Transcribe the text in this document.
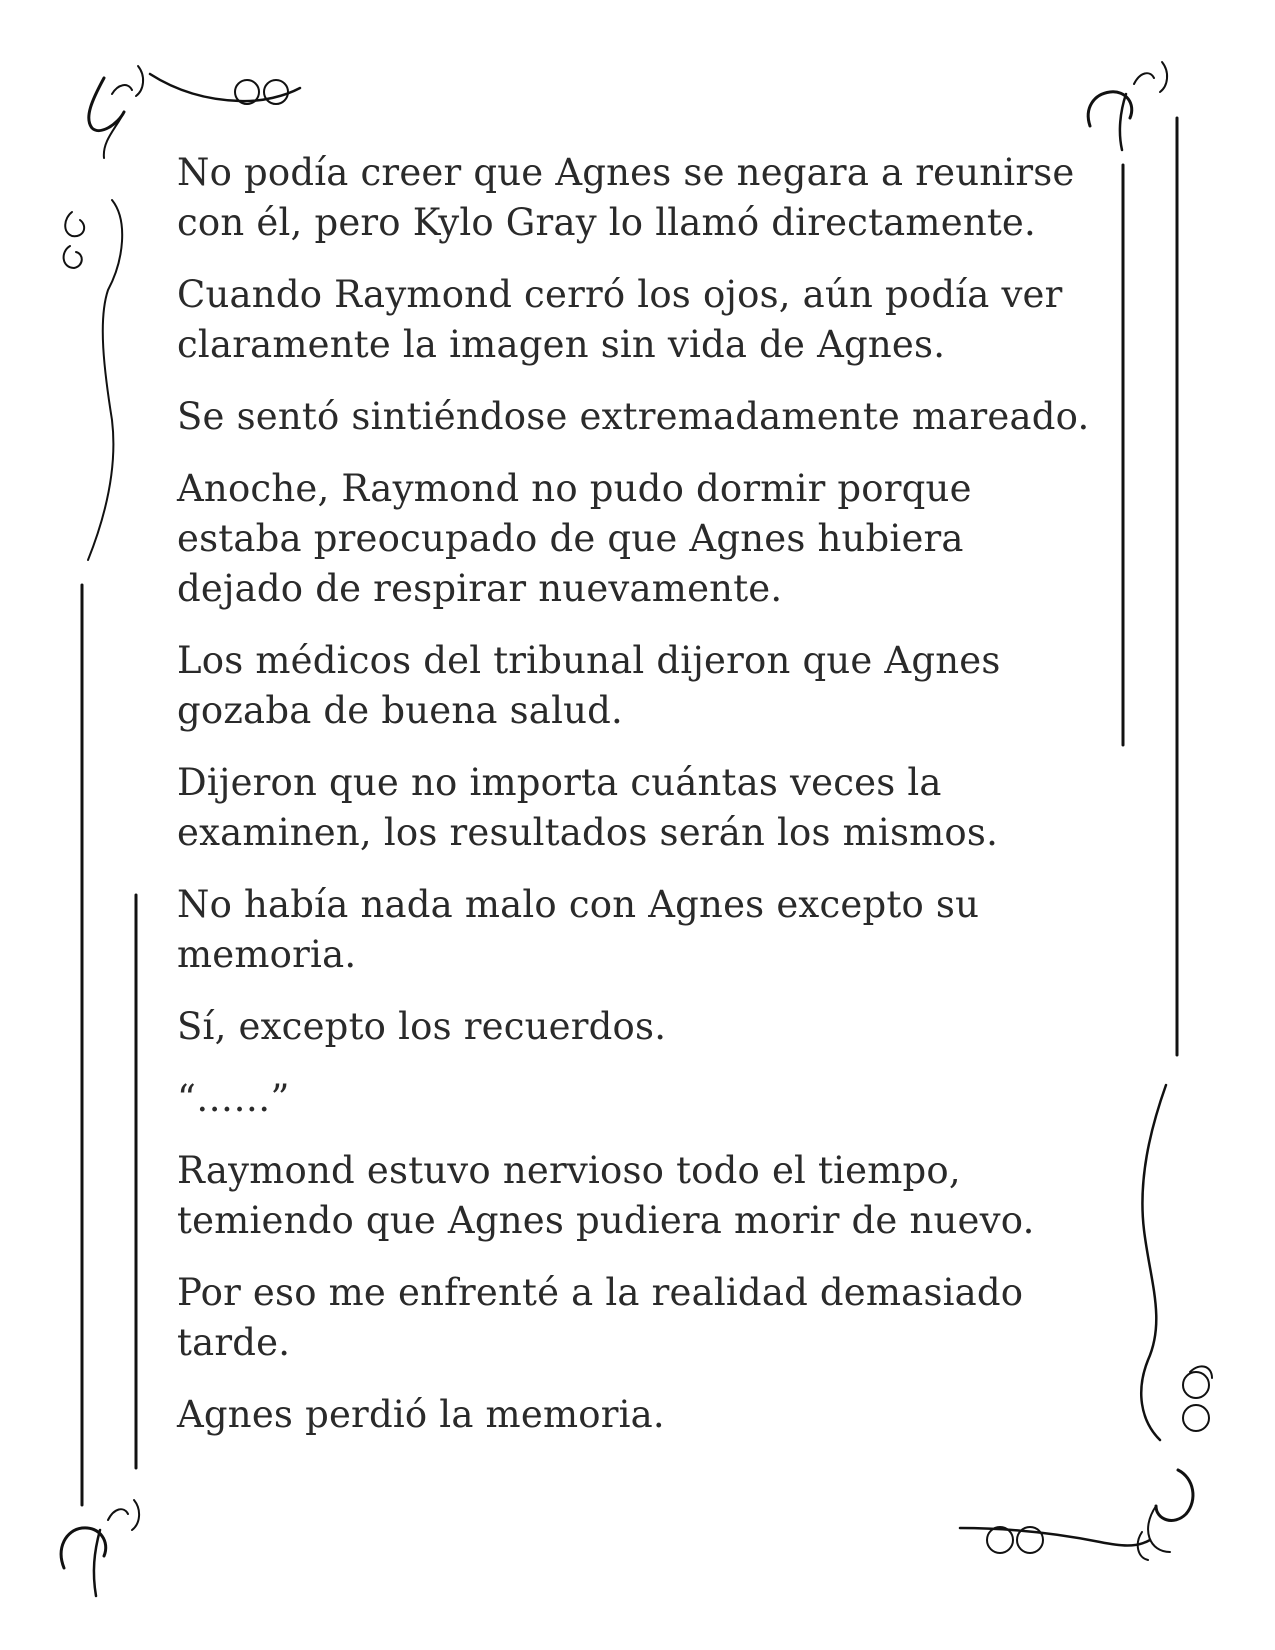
No podía creer que Agnes se negara a reunirse
con él, pero Kylo Gray lo llamó directamente.

Cuando Raymond cerró los ojos, aún podía ver
claramente la imagen sin vida de Agnes.

Se sentó sintiéndose extremadamente mareado.

Anoche, Raymond no pudo dormir porque
estaba preocupado de que Agnes hubiera
dejado de respirar nuevamente.

Los médicos del tribunal dijeron que Agnes
gozaba de buena salud.

Dijeron que no importa cuántas veces la
examinen, los resultados serán los mismos.

No había nada malo con Agnes excepto su
memoria.

Sí, excepto los recuerdos.

“……”

Raymond estuvo nervioso todo el tiempo,
temiendo que Agnes pudiera morir de nuevo.

Por eso me enfrenté a la realidad demasiado
tarde.

Agnes perdió la memoria.
